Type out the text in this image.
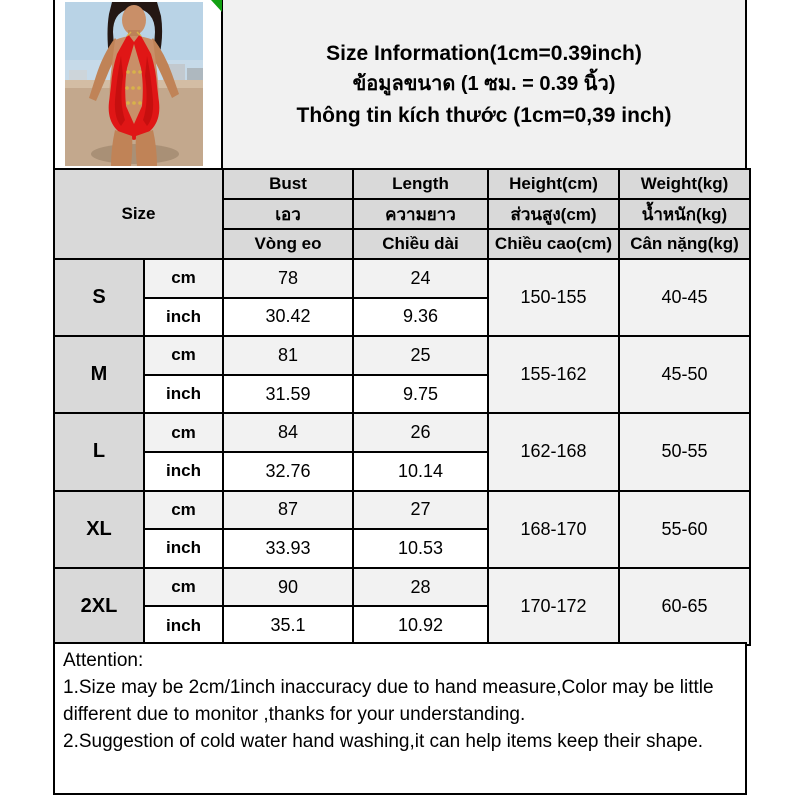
Size Information(1cm=0.39inch)
ข้อมูลขนาด (1 ซม. = 0.39 นิ้ว)
Thông tin kích thước (1cm=0,39 inch)
Size		Bust	Length	Height(cm)	Weight(kg)
		เอว	ความยาว	ส่วนสูง(cm)	น้ำหนัก(kg)
		Vòng eo	Chiều dài	Chiều cao(cm)	Cân nặng(kg)
S	cm	78	24	150-155	40-45
	inch	30.42	9.36		
M	cm	81	25	155-162	45-50
	inch	31.59	9.75		
L	cm	84	26	162-168	50-55
	inch	32.76	10.14		
XL	cm	87	27	168-170	55-60
	inch	33.93	10.53		
2XL	cm	90	28	170-172	60-65
	inch	35.1	10.92		

Attention:

1.Size may be 2cm/1inch inaccuracy due to hand measure,Color may be little different due to monitor ,thanks for your understanding.

2.Suggestion of cold water hand washing,it can help items keep their shape.
